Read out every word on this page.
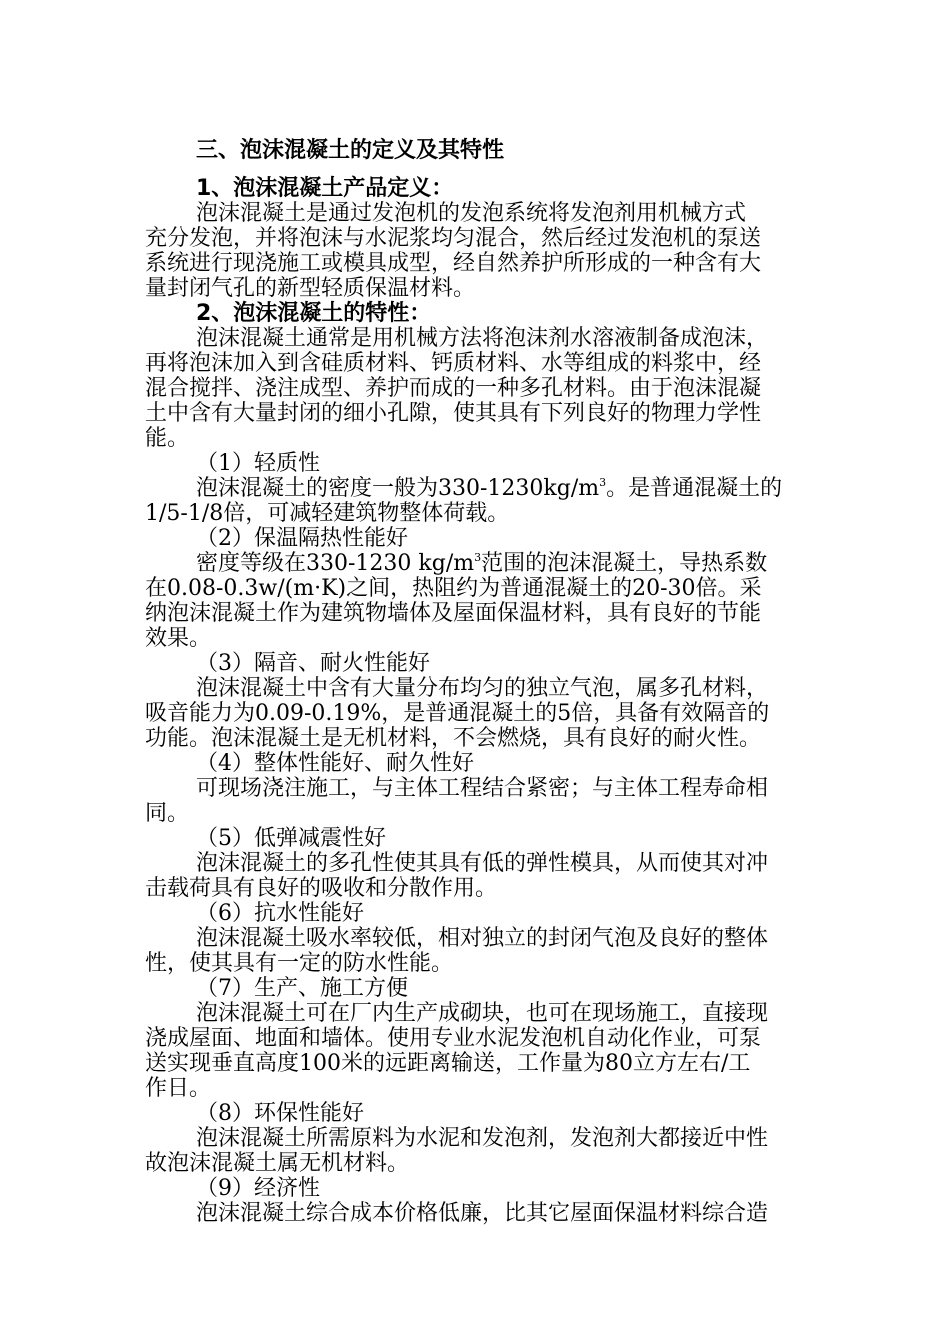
三、泡沫混凝土的定义及其特性
1、泡沫混凝土产品定义：
泡沫混凝土是通过发泡机的发泡系统将发泡剂用机械方式
充分发泡，并将泡沫与水泥浆均匀混合，然后经过发泡机的泵送
系统进行现浇施工或模具成型，经自然养护所形成的一种含有大
量封闭气孔的新型轻质保温材料。
2、泡沫混凝土的特性：
泡沫混凝土通常是用机械方法将泡沫剂水溶液制备成泡沫，
再将泡沫加入到含硅质材料、钙质材料、水等组成的料浆中，经
混合搅拌、浇注成型、养护而成的一种多孔材料。由于泡沫混凝
土中含有大量封闭的细小孔隙，使其具有下列良好的物理力学性
能。
（1）轻质性
泡沫混凝土的密度一般为$330-1230kg/m^3$。是普通混凝土的
1/5-1/8倍，可减轻建筑物整体荷载。
（2）保温隔热性能好
密度等级在330-1230 $kg/m^3$范围的泡沫混凝土，导热系数
在0.08-0.3w/(m·K)之间，热阻约为普通混凝土的20-30倍。采
纳泡沫混凝土作为建筑物墙体及屋面保温材料，具有良好的节能
效果。
（3）隔音、耐火性能好
泡沫混凝土中含有大量分布均匀的独立气泡，属多孔材料，
吸音能力为0.09-0.19%，是普通混凝土的5倍，具备有效隔音的
功能。泡沫混凝土是无机材料，不会燃烧，具有良好的耐火性。
（4）整体性能好、耐久性好
可现场浇注施工，与主体工程结合紧密；与主体工程寿命相
同。
（5）低弹减震性好
泡沫混凝土的多孔性使其具有低的弹性模具，从而使其对冲
击载荷具有良好的吸收和分散作用。
（6）抗水性能好
泡沫混凝土吸水率较低，相对独立的封闭气泡及良好的整体
性，使其具有一定的防水性能。
（7）生产、施工方便
泡沫混凝土可在厂内生产成砌块，也可在现场施工，直接现
浇成屋面、地面和墙体。使用专业水泥发泡机自动化作业，可泵
送实现垂直高度100米的远距离输送，工作量为80立方左右/工
作日。
（8）环保性能好
泡沫混凝土所需原料为水泥和发泡剂，发泡剂大都接近中性
故泡沫混凝土属无机材料。
（9）经济性
泡沫混凝土综合成本价格低廉，比其它屋面保温材料综合造
